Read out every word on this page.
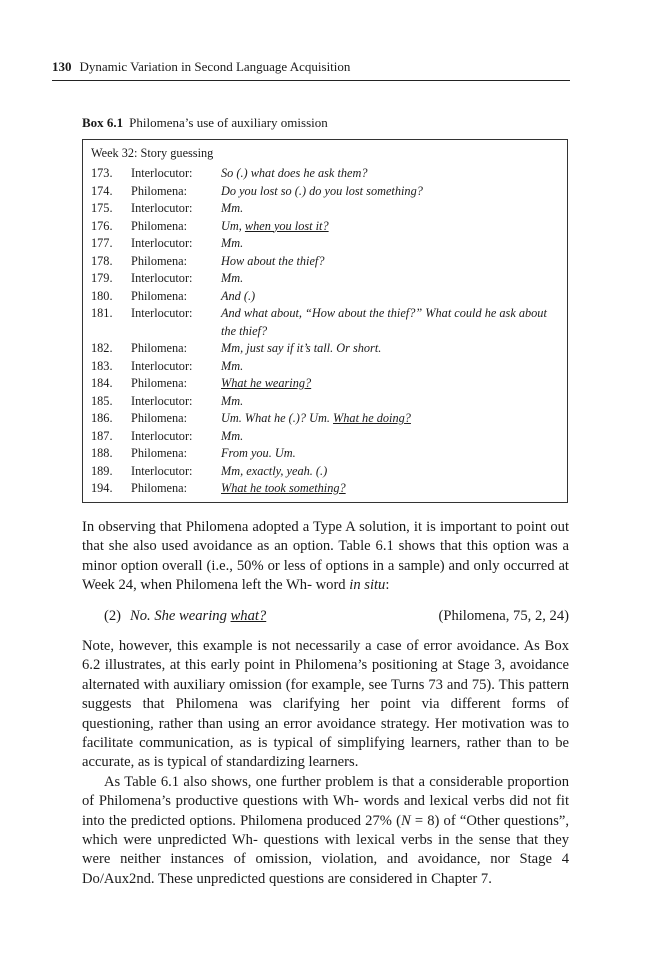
130 Dynamic Variation in Second Language Acquisition
Box 6.1 Philomena’s use of auxiliary omission
Week 32: Story guessing
173.	Interlocutor:	So (.) what does he ask them?
174.	Philomena:	Do you lost so (.) do you lost something?
175.	Interlocutor:	Mm.
176.	Philomena:	Um, when you lost it?
177.	Interlocutor:	Mm.
178.	Philomena:	How about the thief?
179.	Interlocutor:	Mm.
180.	Philomena:	And (.)
181.	Interlocutor:	And what about, “How about the thief?” What could he ask about the thief?
182.	Philomena:	Mm, just say if it’s tall. Or short.
183.	Interlocutor:	Mm.
184.	Philomena:	What he wearing?
185.	Interlocutor:	Mm.
186.	Philomena:	Um. What he (.)? Um. What he doing?
187.	Interlocutor:	Mm.
188.	Philomena:	From you. Um.
189.	Interlocutor:	Mm, exactly, yeah. (.)
194.	Philomena:	What he took something?

In observing that Philomena adopted a Type A solution, it is important to point out that she also used avoidance as an option. Table 6.1 shows that this option was a minor option overall (i.e., 50% or less of options in a sample) and only occurred at Week 24, when Philomena left the Wh- word in situ:

(2) No. She wearing what?	(Philomena, 75, 2, 24)

Note, however, this example is not necessarily a case of error avoidance. As Box 6.2 illustrates, at this early point in Philomena’s positioning at Stage 3, avoidance alternated with auxiliary omission (for example, see Turns 73 and 75). This pattern suggests that Philomena was clarifying her point via different forms of questioning, rather than using an error avoidance strategy. Her motivation was to facilitate communication, as is typical of simplifying learners, rather than to be accurate, as is typical of standardizing learners.

As Table 6.1 also shows, one further problem is that a considerable proportion of Philomena’s productive questions with Wh- words and lexical verbs did not fit into the predicted options. Philomena produced 27% (N = 8) of “Other questions”, which were unpredicted Wh- questions with lexical verbs in the sense that they were neither instances of omission, violation, and avoidance, nor Stage 4 Do/Aux2nd. These unpredicted questions are considered in Chapter 7.
